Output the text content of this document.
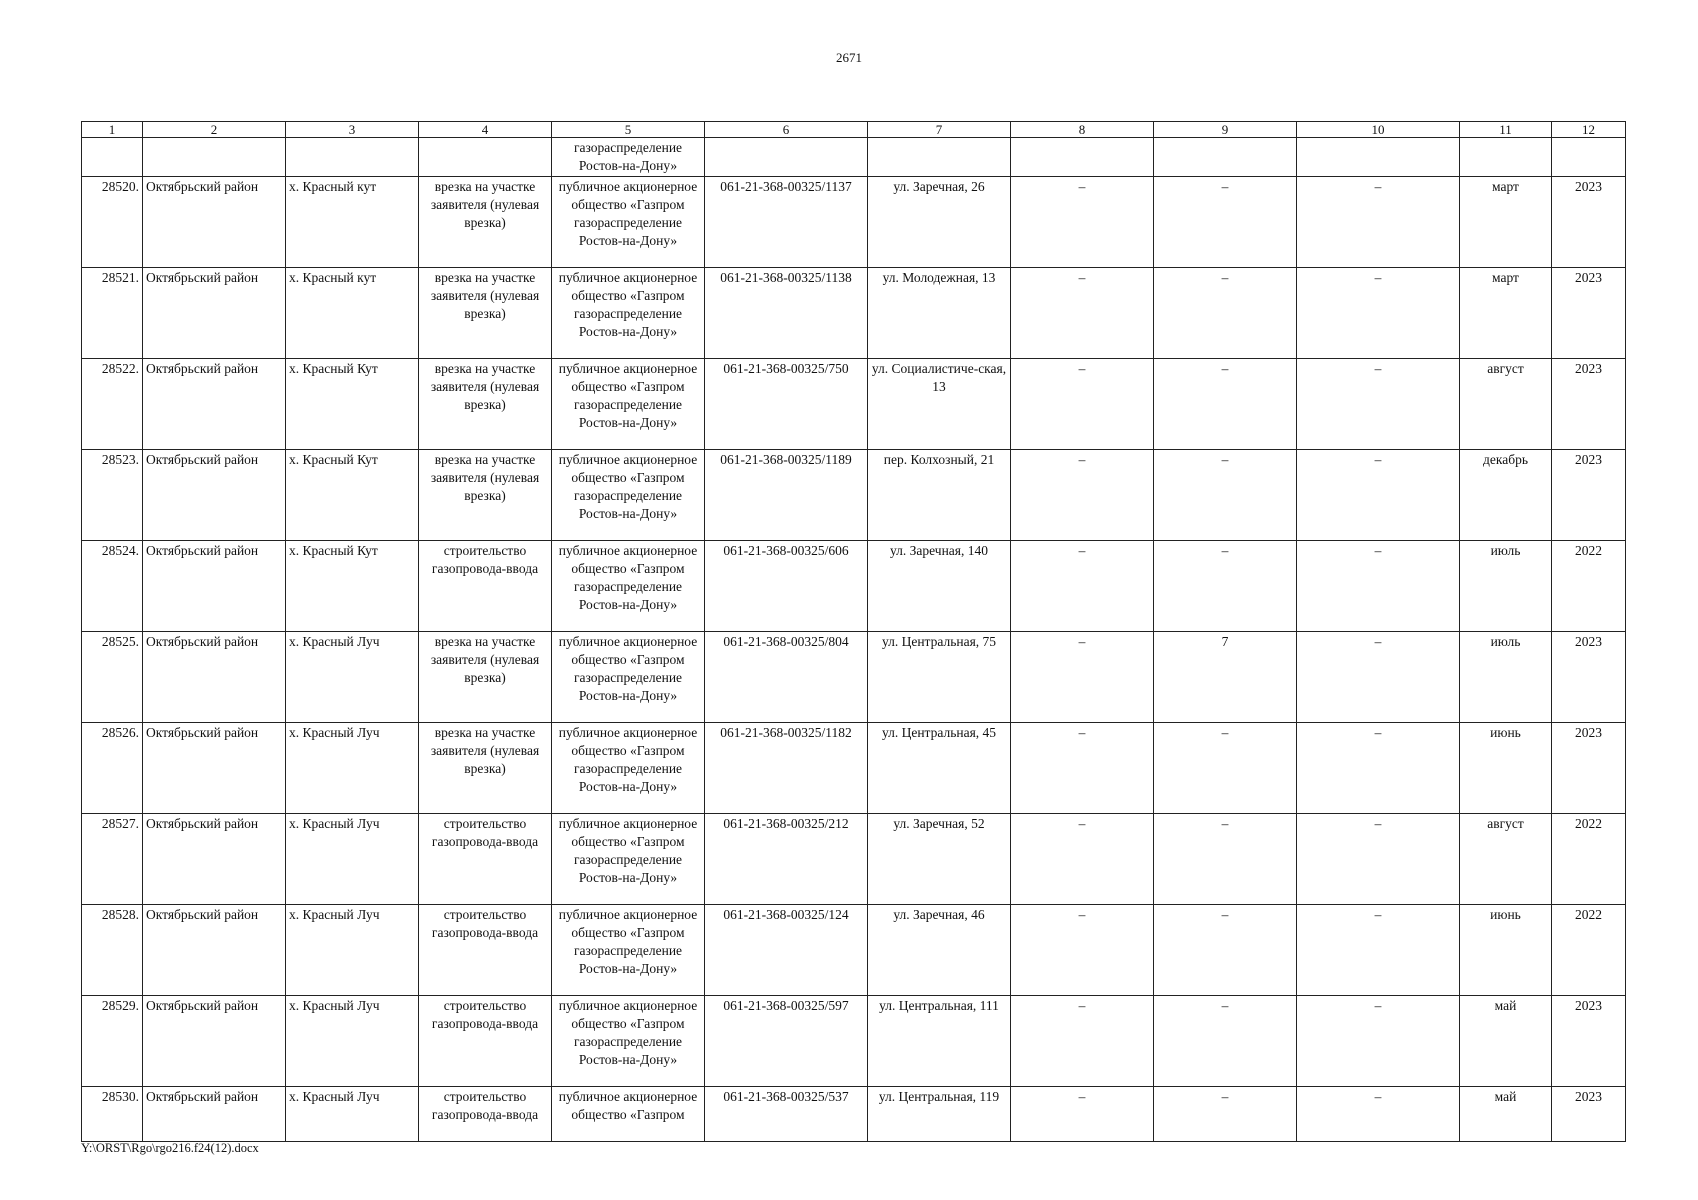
2671
1	2	3	4	5	6	7	8	9	10	11	12
				газораспределение Ростов-на-Дону»							
28520.	Октябрьский район	х. Красный кут	врезка на участке заявителя (нулевая врезка)	публичное акционерное общество «Газпром газораспределение Ростов-на-Дону»	061-21-368-00325/1137	ул. Заречная, 26	–	–	–	март	2023
28521.	Октябрьский район	х. Красный кут	врезка на участке заявителя (нулевая врезка)	публичное акционерное общество «Газпром газораспределение Ростов-на-Дону»	061-21-368-00325/1138	ул. Молодежная, 13	–	–	–	март	2023
28522.	Октябрьский район	х. Красный Кут	врезка на участке заявителя (нулевая врезка)	публичное акционерное общество «Газпром газораспределение Ростов-на-Дону»	061-21-368-00325/750	ул. Социалистиче-ская, 13	–	–	–	август	2023
28523.	Октябрьский район	х. Красный Кут	врезка на участке заявителя (нулевая врезка)	публичное акционерное общество «Газпром газораспределение Ростов-на-Дону»	061-21-368-00325/1189	пер. Колхозный, 21	–	–	–	декабрь	2023
28524.	Октябрьский район	х. Красный Кут	строительство газопровода-ввода	публичное акционерное общество «Газпром газораспределение Ростов-на-Дону»	061-21-368-00325/606	ул. Заречная, 140	–	–	–	июль	2022
28525.	Октябрьский район	х. Красный Луч	врезка на участке заявителя (нулевая врезка)	публичное акционерное общество «Газпром газораспределение Ростов-на-Дону»	061-21-368-00325/804	ул. Центральная, 75	–	7	–	июль	2023
28526.	Октябрьский район	х. Красный Луч	врезка на участке заявителя (нулевая врезка)	публичное акционерное общество «Газпром газораспределение Ростов-на-Дону»	061-21-368-00325/1182	ул. Центральная, 45	–	–	–	июнь	2023
28527.	Октябрьский район	х. Красный Луч	строительство газопровода-ввода	публичное акционерное общество «Газпром газораспределение Ростов-на-Дону»	061-21-368-00325/212	ул. Заречная, 52	–	–	–	август	2022
28528.	Октябрьский район	х. Красный Луч	строительство газопровода-ввода	публичное акционерное общество «Газпром газораспределение Ростов-на-Дону»	061-21-368-00325/124	ул. Заречная, 46	–	–	–	июнь	2022
28529.	Октябрьский район	х. Красный Луч	строительство газопровода-ввода	публичное акционерное общество «Газпром газораспределение Ростов-на-Дону»	061-21-368-00325/597	ул. Центральная, 111	–	–	–	май	2023
28530.	Октябрьский район	х. Красный Луч	строительство газопровода-ввода	публичное акционерное общество «Газпром	061-21-368-00325/537	ул. Центральная, 119	–	–	–	май	2023
Y:\ORST\Rgo\rgo216.f24(12).docx
